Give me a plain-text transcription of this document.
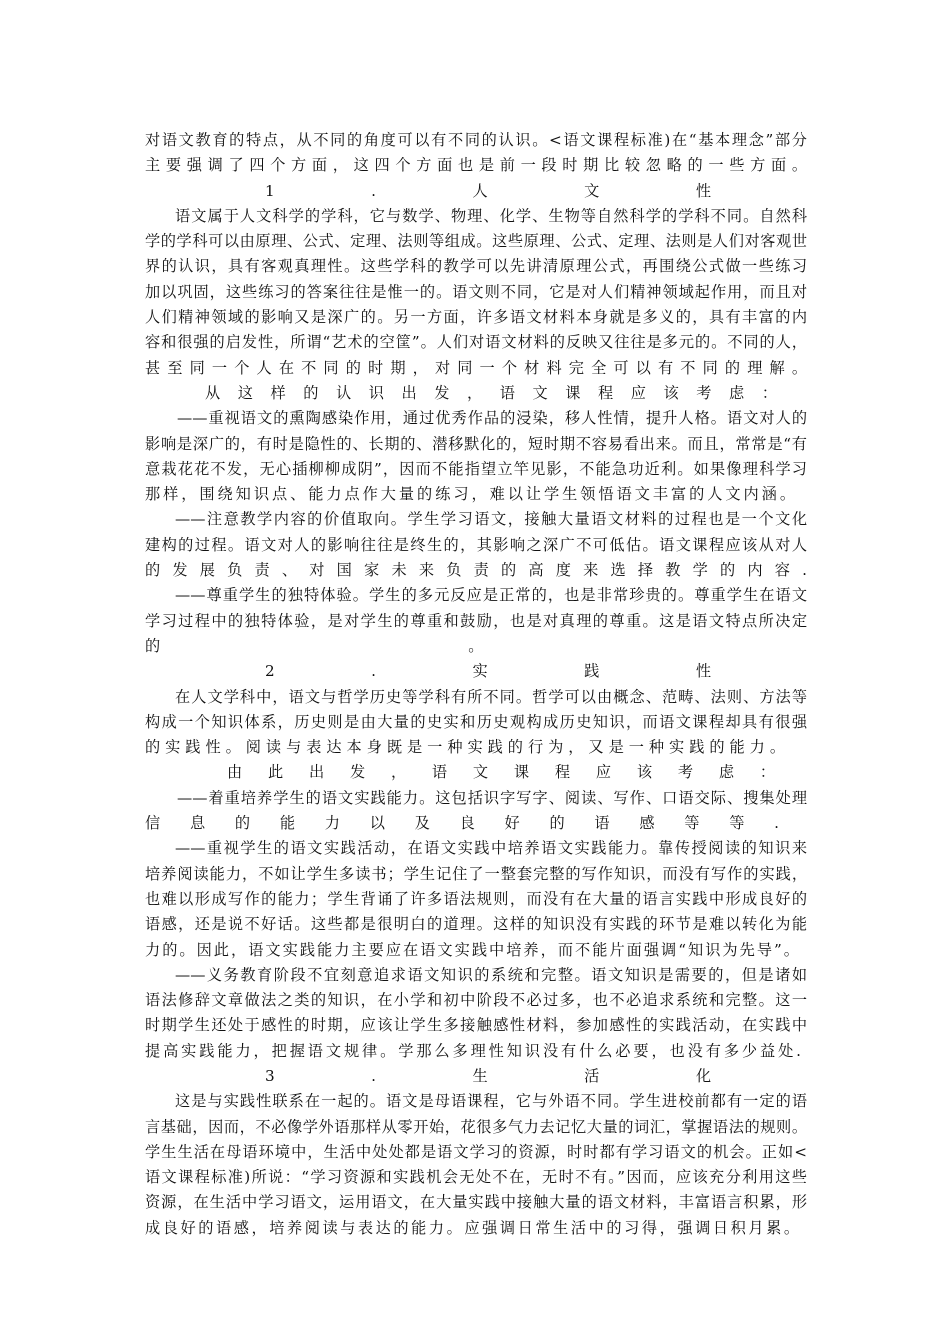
对语文教育的特点，从不同的角度可以有不同的认识。<语文课程标准)在“基本理念”部分
主要强调了四个方面，这四个方面也是前一段时期比较忽略的一些方面。
1	.	人	文	性
语文属于人文科学的学科，它与数学、物理、化学、生物等自然科学的学科不同。自然科
学的学科可以由原理、公式、定理、法则等组成。这些原理、公式、定理、法则是人们对客观世
界的认识，具有客观真理性。这些学科的教学可以先讲清原理公式，再围绕公式做一些练习
加以巩固，这些练习的答案往往是惟一的。语文则不同，它是对人们精神领域起作用，而且对
人们精神领域的影响又是深广的。另一方面，许多语文材料本身就是多义的，具有丰富的内
容和很强的启发性，所谓“艺术的空筐”。人们对语文材料的反映又往往是多元的。不同的人，
甚至同一个人在不同的时期，对同一个材料完全可以有不同的理解。
从这样的认识出发，语文课程应该考虑：
——重视语文的熏陶感染作用，通过优秀作品的浸染，移人性情，提升人格。语文对人的
影响是深广的，有时是隐性的、长期的、潜移默化的，短时期不容易看出来。而且，常常是“有
意栽花花不发，无心插柳柳成阴”，因而不能指望立竿见影，不能急功近利。如果像理科学习
那样，围绕知识点、能力点作大量的练习，难以让学生领悟语文丰富的人文内涵。
——注意教学内容的价值取向。学生学习语文，接触大量语文材料的过程也是一个文化
建构的过程。语文对人的影响往往是终生的，其影响之深广不可低估。语文课程应该从对人
的发展负责、对国家未来负责的高度来选择教学的内容.
——尊重学生的独特体验。学生的多元反应是正常的，也是非常珍贵的。尊重学生在语文
学习过程中的独特体验，是对学生的尊重和鼓励，也是对真理的尊重。这是语文特点所决定
的	。
2	.	实	践	性
在人文学科中，语文与哲学历史等学科有所不同。哲学可以由概念、范畴、法则、方法等
构成一个知识体系，历史则是由大量的史实和历史观构成历史知识，而语文课程却具有很强
的实践性。阅读与表达本身既是一种实践的行为，又是一种实践的能力。
由此出发，语文课程应该考虑：
——着重培养学生的语文实践能力。这包括识字写字、阅读、写作、口语交际、搜集处理
信息的能力以及良好的语感等等.
——重视学生的语文实践活动，在语文实践中培养语文实践能力。靠传授阅读的知识来
培养阅读能力，不如让学生多读书；学生记住了一整套完整的写作知识，而没有写作的实践，
也难以形成写作的能力；学生背诵了许多语法规则，而没有在大量的语言实践中形成良好的
语感，还是说不好话。这些都是很明白的道理。这样的知识没有实践的环节是难以转化为能
力的。因此，语文实践能力主要应在语文实践中培养，而不能片面强调“知识为先导”。
——义务教育阶段不宜刻意追求语文知识的系统和完整。语文知识是需要的，但是诸如
语法修辞文章做法之类的知识，在小学和初中阶段不必过多，也不必追求系统和完整。这一
时期学生还处于感性的时期，应该让学生多接触感性材料，参加感性的实践活动，在实践中
提高实践能力，把握语文规律。学那么多理性知识没有什么必要，也没有多少益处.
3	.	生	活	化
这是与实践性联系在一起的。语文是母语课程，它与外语不同。学生进校前都有一定的语
言基础，因而，不必像学外语那样从零开始，花很多气力去记忆大量的词汇，掌握语法的规则。
学生生活在母语环境中，生活中处处都是语文学习的资源，时时都有学习语文的机会。正如<
语文课程标准)所说：“学习资源和实践机会无处不在，无时不有。”因而，应该充分利用这些
资源，在生活中学习语文，运用语文，在大量实践中接触大量的语文材料，丰富语言积累，形
成良好的语感，培养阅读与表达的能力。应强调日常生活中的习得，强调日积月累。
